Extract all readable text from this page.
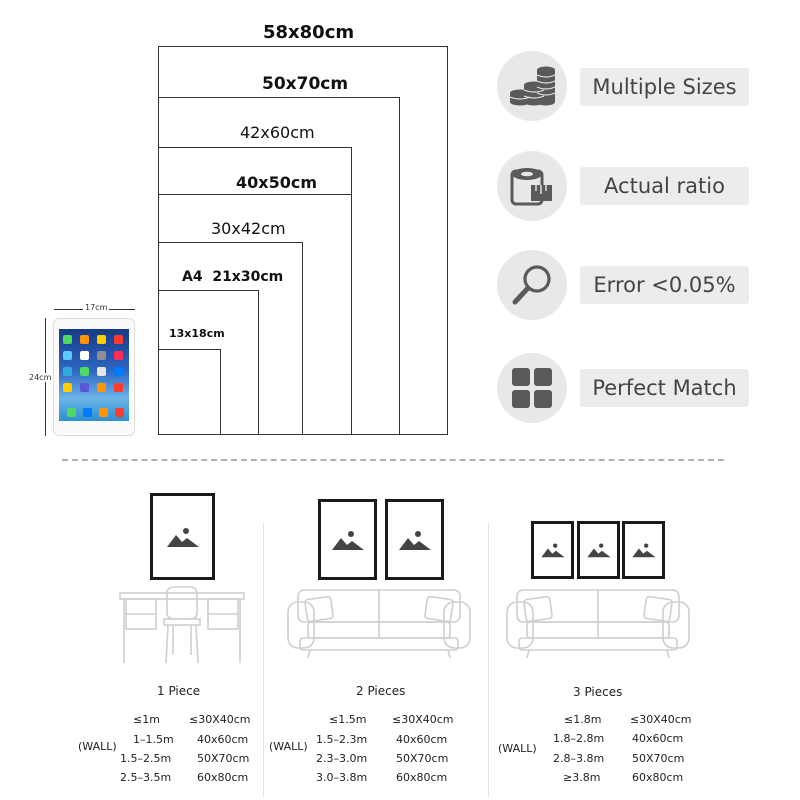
58x80cm
50x70cm
42x60cm
40x50cm
30x42cm
A4  21x30cm
13x18cm
17cm
24cm
Multiple Sizes
Actual ratio
Error <0.05%
Perfect Match
1 Piece
(WALL)
≤1m	≤30X40cm
1–1.5m 40x60cm
1.5–2.5m 50X70cm
2.5–3.5m 60x80cm
2 Pieces
(WALL)
≤1.5m ≤30X40cm
1.5–2.3m	40x60cm
2.3–3.0m	50X70cm
3.0–3.8m	60x80cm
3 Pieces
(WALL)
≤1.8m	≤30X40cm
1.8–2.8m	40x60cm
2.8–3.8m	50X70cm
≥3.8m	60x80cm
